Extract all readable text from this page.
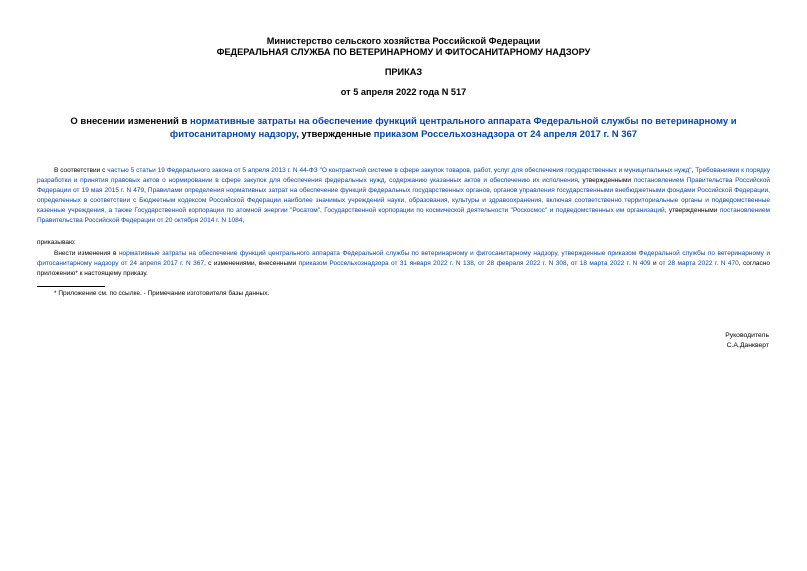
Министерство сельского хозяйства Российской Федерации
ФЕДЕРАЛЬНАЯ СЛУЖБА ПО ВЕТЕРИНАРНОМУ И ФИТОСАНИТАРНОМУ НАДЗОРУ
ПРИКАЗ
от 5 апреля 2022 года N 517
О внесении изменений в нормативные затраты на обеспечение функций центрального аппарата Федеральной службы по ветеринарному и фитосанитарному надзору, утвержденные приказом Россельхознадзора от 24 апреля 2017 г. N 367
В соответствии с частью 5 статьи 19 Федерального закона от 5 апреля 2013 г. N 44-ФЗ "О контрактной системе в сфере закупок товаров, работ, услуг для обеспечения государственных и муниципальных нужд", Требованиями к порядку разработки и принятия правовых актов о нормировании в сфере закупок для обеспечения федеральных нужд, содержанию указанных актов и обеспечению их исполнения, утвержденными постановлением Правительства Российской Федерации от 19 мая 2015 г. N 479, Правилами определения нормативных затрат на обеспечение функций федеральных государственных органов, органов управления государственными внебюджетными фондами Российской Федерации, определенных в соответствии с Бюджетным кодексом Российской Федерации наиболее значимых учреждений науки, образования, культуры и здравоохранения, включая соответственно территориальные органы и подведомственные казенные учреждения, а также Государственной корпорации по атомной энергии "Росатом", Государственной корпорации по космической деятельности "Роскосмос" и подведомственных им организаций, утвержденными постановлением Правительства Российской Федерации от 20 октября 2014 г. N 1084,
приказываю:
Внести изменения в нормативные затраты на обеспечение функций центрального аппарата Федеральной службы по ветеринарному и фитосанитарному надзору, утвержденные приказом Федеральной службы по ветеринарному и фитосанитарному надзору от 24 апреля 2017 г. N 367, с изменениями, внесенными приказом Россельхознадзора от 31 января 2022 г. N 138, от 28 февраля 2022 г. N 308, от 18 марта 2022 г. N 409 и от 28 марта 2022 г. N 470, согласно приложению* к настоящему приказу.
* Приложение см. по ссылке. - Примечание изготовителя базы данных.
Руководитель
С.А.Данкверт
